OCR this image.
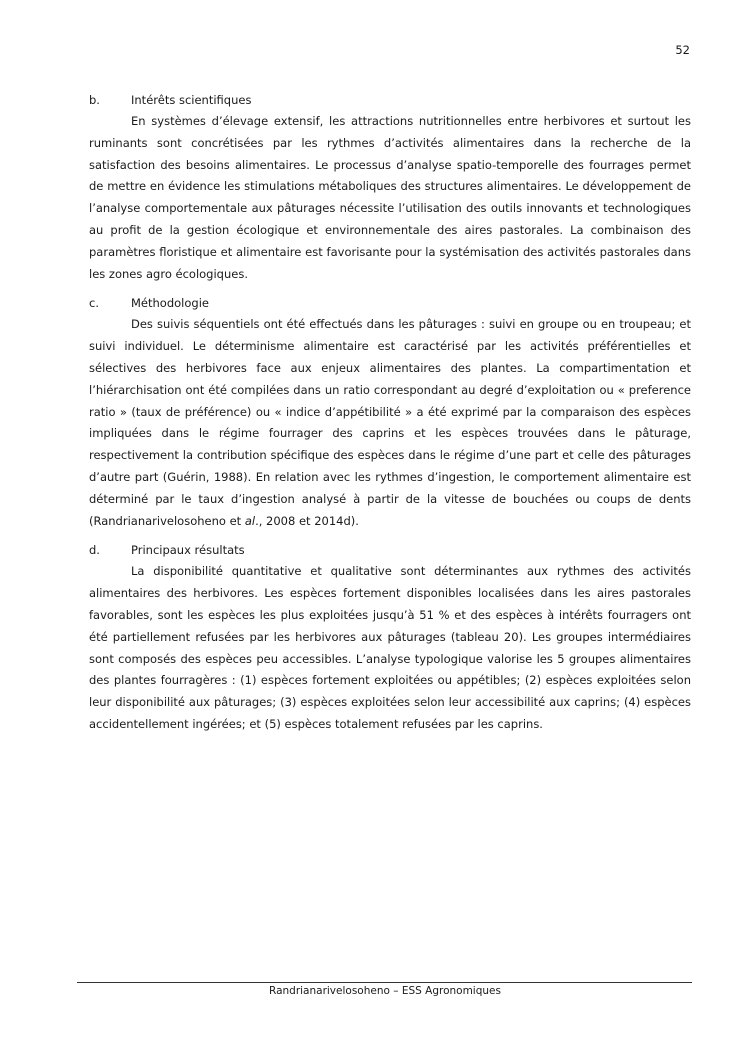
52
b.	Intérêts scientifiques

En systèmes d’élevage extensif, les attractions nutritionnelles entre herbivores et surtout les ruminants sont concrétisées par les rythmes d’activités alimentaires dans la recherche de la satisfaction des besoins alimentaires. Le processus d’analyse spatio-temporelle des fourrages permet de mettre en évidence les stimulations métaboliques des structures alimentaires. Le développement de l’analyse comportementale aux pâturages nécessite l’utilisation des outils innovants et technologiques au profit de la gestion écologique et environnementale des aires pastorales. La combinaison des paramètres floristique et alimentaire est favorisante pour la systémisation des activités pastorales dans les zones agro écologiques.

c.	Méthodologie

Des suivis séquentiels ont été effectués dans les pâturages : suivi en groupe ou en troupeau; et suivi individuel. Le déterminisme alimentaire est caractérisé par les activités préférentielles et sélectives des herbivores face aux enjeux alimentaires des plantes. La compartimentation et l’hiérarchisation ont été compilées dans un ratio correspondant au degré d’exploitation ou « preference ratio » (taux de préférence) ou « indice d’appétibilité » a été exprimé par la comparaison des espèces impliquées dans le régime fourrager des caprins et les espèces trouvées dans le pâturage, respectivement la contribution spécifique des espèces dans le régime d’une part et celle des pâturages d’autre part (Guérin, 1988). En relation avec les rythmes d’ingestion, le comportement alimentaire est déterminé par le taux d’ingestion analysé à partir de la vitesse de bouchées ou coups de dents (Randrianarivelosoheno et al., 2008 et 2014d).

d.	Principaux résultats

La disponibilité quantitative et qualitative sont déterminantes aux rythmes des activités alimentaires des herbivores. Les espèces fortement disponibles localisées dans les aires pastorales favorables, sont les espèces les plus exploitées jusqu’à 51 % et des espèces à intérêts fourragers ont été partiellement refusées par les herbivores aux pâturages (tableau 20). Les groupes intermédiaires sont composés des espèces peu accessibles. L’analyse typologique valorise les 5 groupes alimentaires des plantes fourragères : (1) espèces fortement exploitées ou appétibles; (2) espèces exploitées selon leur disponibilité aux pâturages; (3) espèces exploitées selon leur accessibilité aux caprins; (4) espèces accidentellement ingérées; et (5) espèces totalement refusées par les caprins.

Randrianarivelosoheno – ESS Agronomiques
